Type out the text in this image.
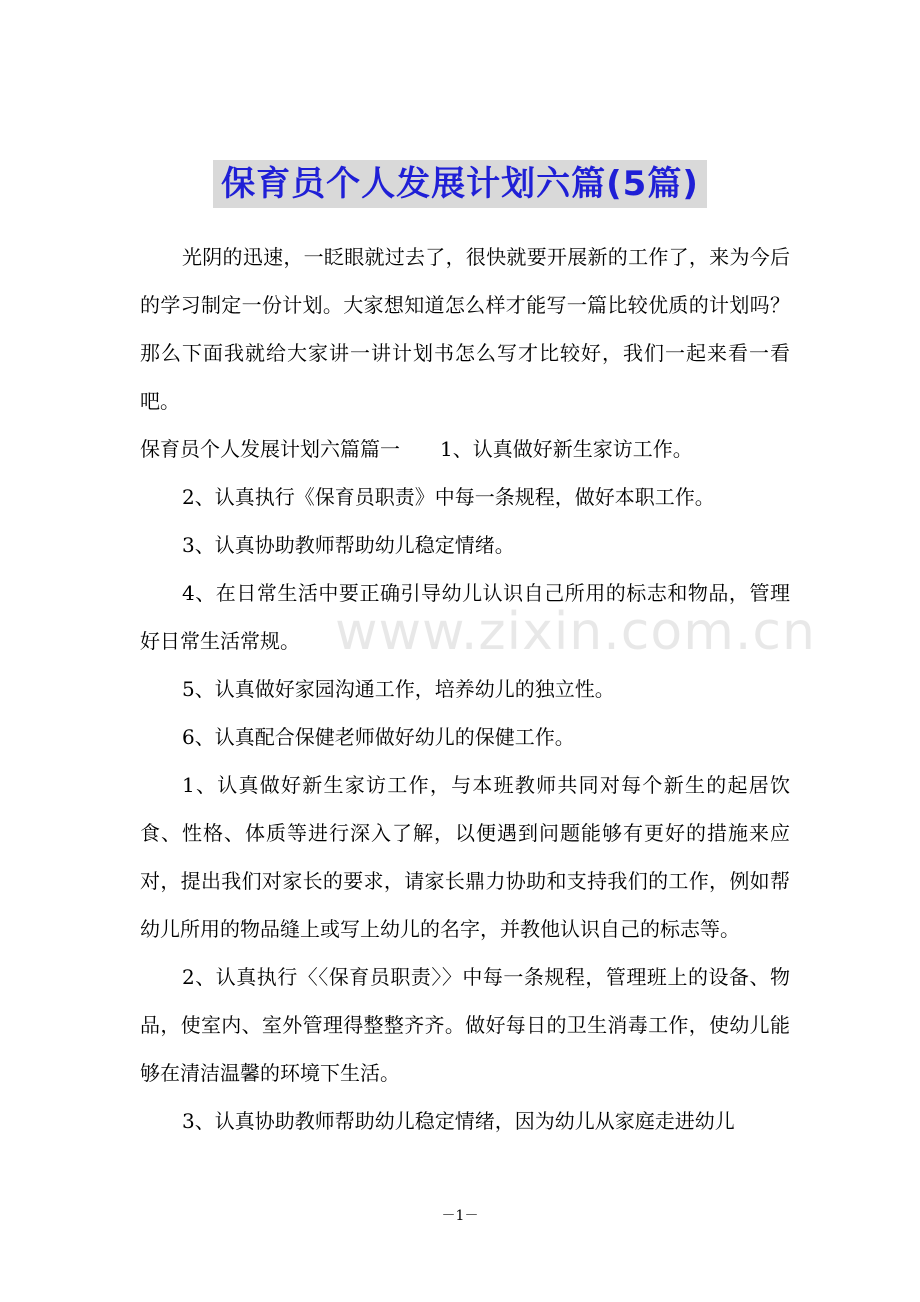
保育员个人发展计划六篇(5篇)

光阴的迅速，一眨眼就过去了，很快就要开展新的工作了，来为今后的学习制定一份计划。大家想知道怎么样才能写一篇比较优质的计划吗？那么下面我就给大家讲一讲计划书怎么写才比较好，我们一起来看一看吧。

保育员个人发展计划六篇篇一 1、认真做好新生家访工作。

2、认真执行《保育员职责》中每一条规程，做好本职工作。

3、认真协助教师帮助幼儿稳定情绪。

4、在日常生活中要正确引导幼儿认识自己所用的标志和物品，管理好日常生活常规。

5、认真做好家园沟通工作，培养幼儿的独立性。

6、认真配合保健老师做好幼儿的保健工作。

1、认真做好新生家访工作，与本班教师共同对每个新生的起居饮食、性格、体质等进行深入了解，以便遇到问题能够有更好的措施来应对，提出我们对家长的要求，请家长鼎力协助和支持我们的工作，例如帮幼儿所用的物品缝上或写上幼儿的名字，并教他认识自己的标志等。

2、认真执行〈〈保育员职责〉〉中每一条规程，管理班上的设备、物品，使室内、室外管理得整整齐齐。做好每日的卫生消毒工作，使幼儿能够在清洁温馨的环境下生活。

3、认真协助教师帮助幼儿稳定情绪，因为幼儿从家庭走进幼儿

www.zixin.com.cn
－1－
